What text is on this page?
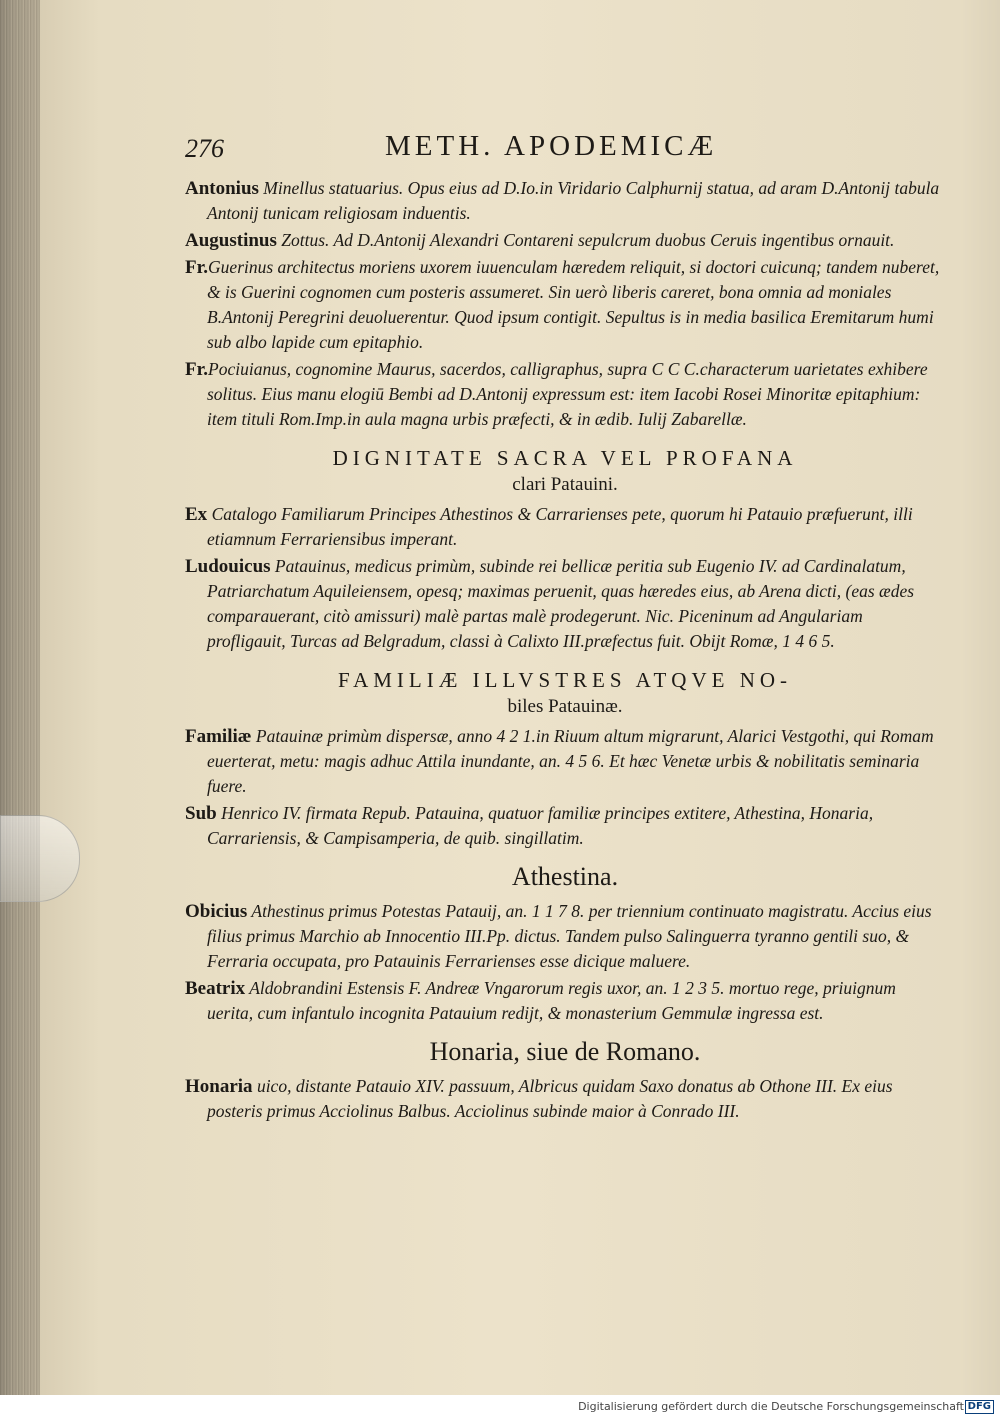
276	METH. APODEMICÆ

Antonius Minellus statuarius. Opus eius ad D.Io.in Viridario Calphurnij statua, ad aram D.Antonij tabula Antonij tunicam religiosam induentis.

Augustinus Zottus. Ad D.Antonij Alexandri Contareni sepulcrum duobus Ceruis ingentibus ornauit.

Fr.Guerinus architectus moriens uxorem iuuenculam hæredem reliquit, si doctori cuicunq; tandem nuberet, & is Guerini cognomen cum posteris assumeret. Sin uerò liberis careret, bona omnia ad moniales B.Antonij Peregrini deuoluerentur. Quod ipsum contigit. Sepultus is in media basilica Eremitarum humi sub albo lapide cum epitaphio.

Fr.Pociuianus, cognomine Maurus, sacerdos, calligraphus, supra C C C.characterum uarietates exhibere solitus. Eius manu elogiū Bembi ad D.Antonij expressum est: item Iacobi Rosei Minoritæ epitaphium: item tituli Rom.Imp.in aula magna urbis præfecti, & in ædib. Iulij Zabarellæ.

DIGNITATE SACRA VEL PROFANA
clari Patauini.

Ex Catalogo Familiarum Principes Athestinos & Carrarienses pete, quorum hi Patauio præfuerunt, illi etiamnum Ferrariensibus imperant.

Ludouicus Patauinus, medicus primùm, subinde rei bellicæ peritia sub Eugenio IV. ad Cardinalatum, Patriarchatum Aquileiensem, opesq; maximas peruenit, quas hæredes eius, ab Arena dicti, (eas ædes comparauerant, citò amissuri) malè partas malè prodegerunt. Nic. Piceninum ad Angulariam profligauit, Turcas ad Belgradum, classi à Calixto III.præfectus fuit. Obijt Romæ, 1 4 6 5.

FAMILIÆ ILLVSTRES ATQVE NO-
biles Patauinæ.

Familiæ Patauinæ primùm dispersæ, anno 4 2 1.in Riuum altum migrarunt, Alarici Vestgothi, qui Romam euerterat, metu: magis adhuc Attila inundante, an. 4 5 6. Et hæc Venetæ urbis & nobilitatis seminaria fuere.

Sub Henrico IV. firmata Repub. Patauina, quatuor familiæ principes extitere, Athestina, Honaria, Carrariensis, & Campisamperia, de quib. singillatim.

Athestina.

Obicius Athestinus primus Potestas Patauij, an. 1 1 7 8. per triennium continuato magistratu. Accius eius filius primus Marchio ab Innocentio III.Pp. dictus. Tandem pulso Salinguerra tyranno gentili suo, & Ferraria occupata, pro Patauinis Ferrarienses esse dicique maluere.

Beatrix Aldobrandini Estensis F. Andreæ Vngarorum regis uxor, an. 1 2 3 5. mortuo rege, priuignum uerita, cum infantulo incognita Patauium redijt, & monasterium Gemmulæ ingressa est.

Honaria, siue de Romano.

Honaria uico, distante Patauio XIV. passuum, Albricus quidam Saxo donatus ab Othone III. Ex eius posteris primus Acciolinus Balbus. Acciolinus subinde maior à Conrado III.

Digitalisierung gefördert durch die Deutsche Forschungsgemeinschaft DFG
